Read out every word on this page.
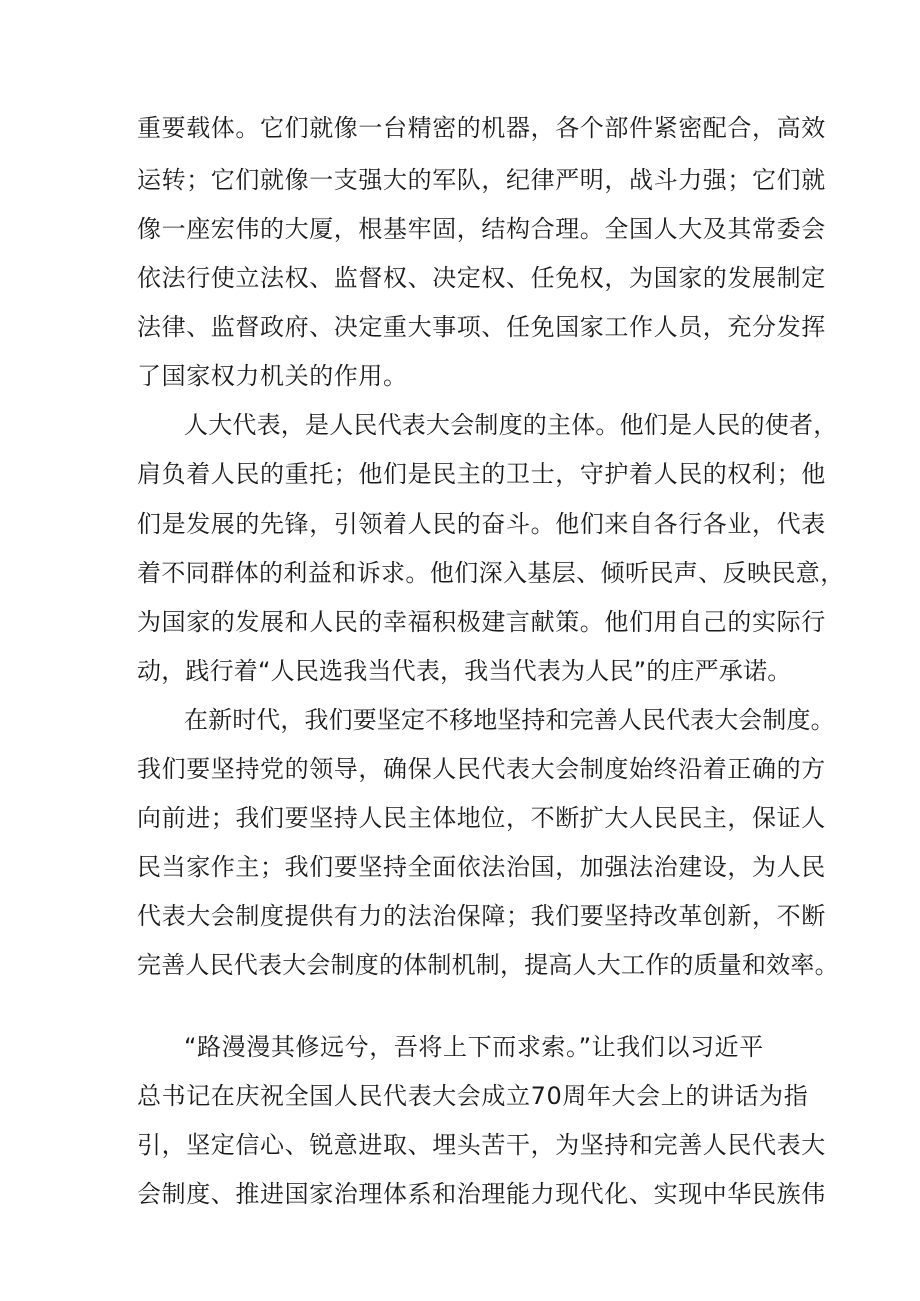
重要载体。它们就像一台精密的机器，各个部件紧密配合，高效
运转；它们就像一支强大的军队，纪律严明，战斗力强；它们就
像一座宏伟的大厦，根基牢固，结构合理。全国人大及其常委会
依法行使立法权、监督权、决定权、任免权，为国家的发展制定
法律、监督政府、决定重大事项、任免国家工作人员，充分发挥
了国家权力机关的作用。
人大代表，是人民代表大会制度的主体。他们是人民的使者，
肩负着人民的重托；他们是民主的卫士，守护着人民的权利；他
们是发展的先锋，引领着人民的奋斗。他们来自各行各业，代表
着不同群体的利益和诉求。他们深入基层、倾听民声、反映民意，
为国家的发展和人民的幸福积极建言献策。他们用自己的实际行
动，践行着“人民选我当代表，我当代表为人民”的庄严承诺。
在新时代，我们要坚定不移地坚持和完善人民代表大会制度。
我们要坚持党的领导，确保人民代表大会制度始终沿着正确的方
向前进；我们要坚持人民主体地位，不断扩大人民民主，保证人
民当家作主；我们要坚持全面依法治国，加强法治建设，为人民
代表大会制度提供有力的法治保障；我们要坚持改革创新，不断
完善人民代表大会制度的体制机制，提高人大工作的质量和效率。
“路漫漫其修远兮，吾将上下而求索。”让我们以习近平
总书记在庆祝全国人民代表大会成立70周年大会上的讲话为指
引，坚定信心、锐意进取、埋头苦干，为坚持和完善人民代表大
会制度、推进国家治理体系和治理能力现代化、实现中华民族伟
